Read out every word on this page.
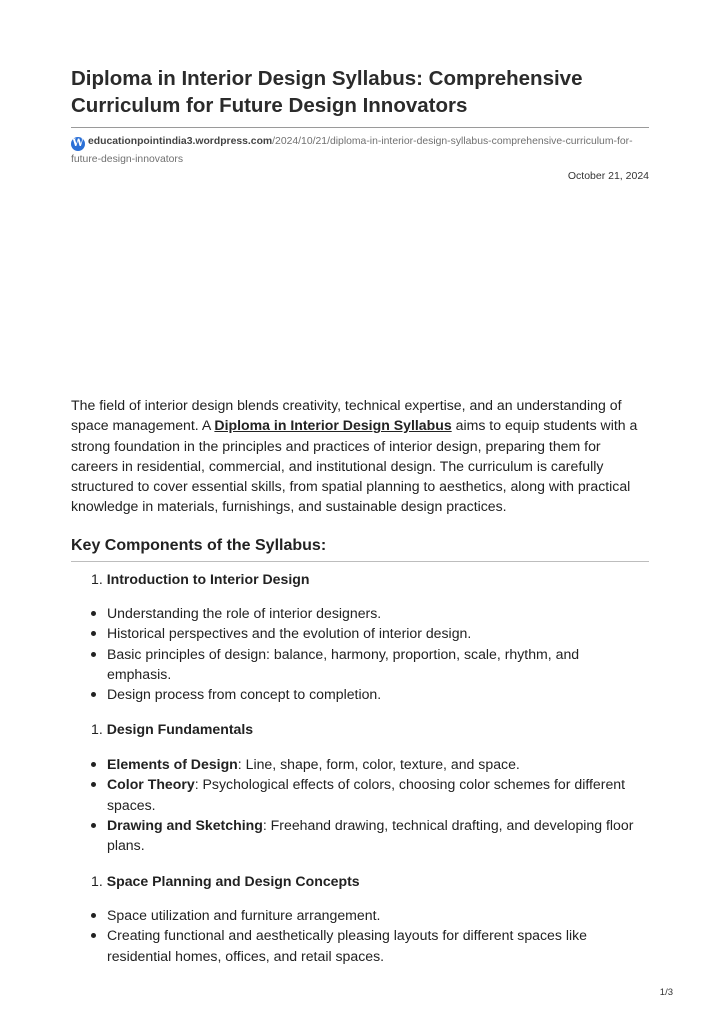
Diploma in Interior Design Syllabus: Comprehensive Curriculum for Future Design Innovators
W educationpointindia3.wordpress.com/2024/10/21/diploma-in-interior-design-syllabus-comprehensive-curriculum-for-future-design-innovators
October 21, 2024

The field of interior design blends creativity, technical expertise, and an understanding of space management. A Diploma in Interior Design Syllabus aims to equip students with a strong foundation in the principles and practices of interior design, preparing them for careers in residential, commercial, and institutional design. The curriculum is carefully structured to cover essential skills, from spatial planning to aesthetics, along with practical knowledge in materials, furnishings, and sustainable design practices.

Key Components of the Syllabus:
1. Introduction to Interior Design
Understanding the role of interior designers.
Historical perspectives and the evolution of interior design.
Basic principles of design: balance, harmony, proportion, scale, rhythm, and emphasis.
Design process from concept to completion.
1. Design Fundamentals
Elements of Design: Line, shape, form, color, texture, and space.
Color Theory: Psychological effects of colors, choosing color schemes for different spaces.
Drawing and Sketching: Freehand drawing, technical drafting, and developing floor plans.
1. Space Planning and Design Concepts
Space utilization and furniture arrangement.
Creating functional and aesthetically pleasing layouts for different spaces like residential homes, offices, and retail spaces.
1/3
